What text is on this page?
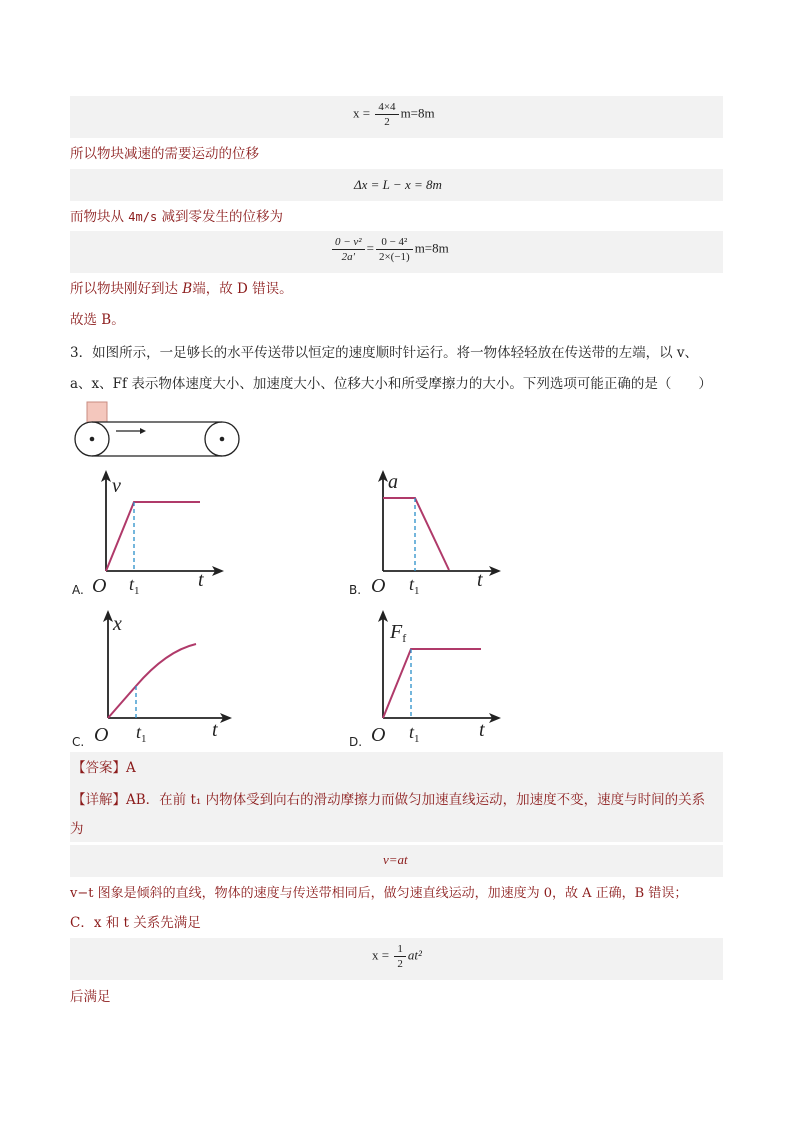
$x = \frac{4\times 4}{2} m=8m$
所以物块减速的需要运动的位移
Δx = L − x = 8m
而物块从 4m/s 减到零发生的位移为
$\frac{\text{0 − v²}}{2a'} = \frac{\text{0 − 4²}}{2\times(-1)} m=8m$
所以物块刚好到达 B端，故 D 错误。
故选 B。
3．如图所示，一足够长的水平传送带以恒定的速度顺时针运行。将一物体轻轻放在传送带的左端，以 v、
a、x、Ff 表示物体速度大小、加速度大小、位移大小和所受摩擦力的大小。下列选项可能正确的是（　　）
A.
v
O $t_1$	t	B.
a
O $t_1$	t
C.
x
O $t_1$	t
D.
$F_f$
O $t_1$	t
【答案】A
【详解】AB．在前 t₁ 内物体受到向右的滑动摩擦力而做匀加速直线运动，加速度不变，速度与时间的关系
为
v=at
v−t 图象是倾斜的直线，物体的速度与传送带相同后，做匀速直线运动，加速度为 0，故 A 正确，B 错误；
C．x 和 t 关系先满足
$x = \frac{1}{2} at^2$
后满足
